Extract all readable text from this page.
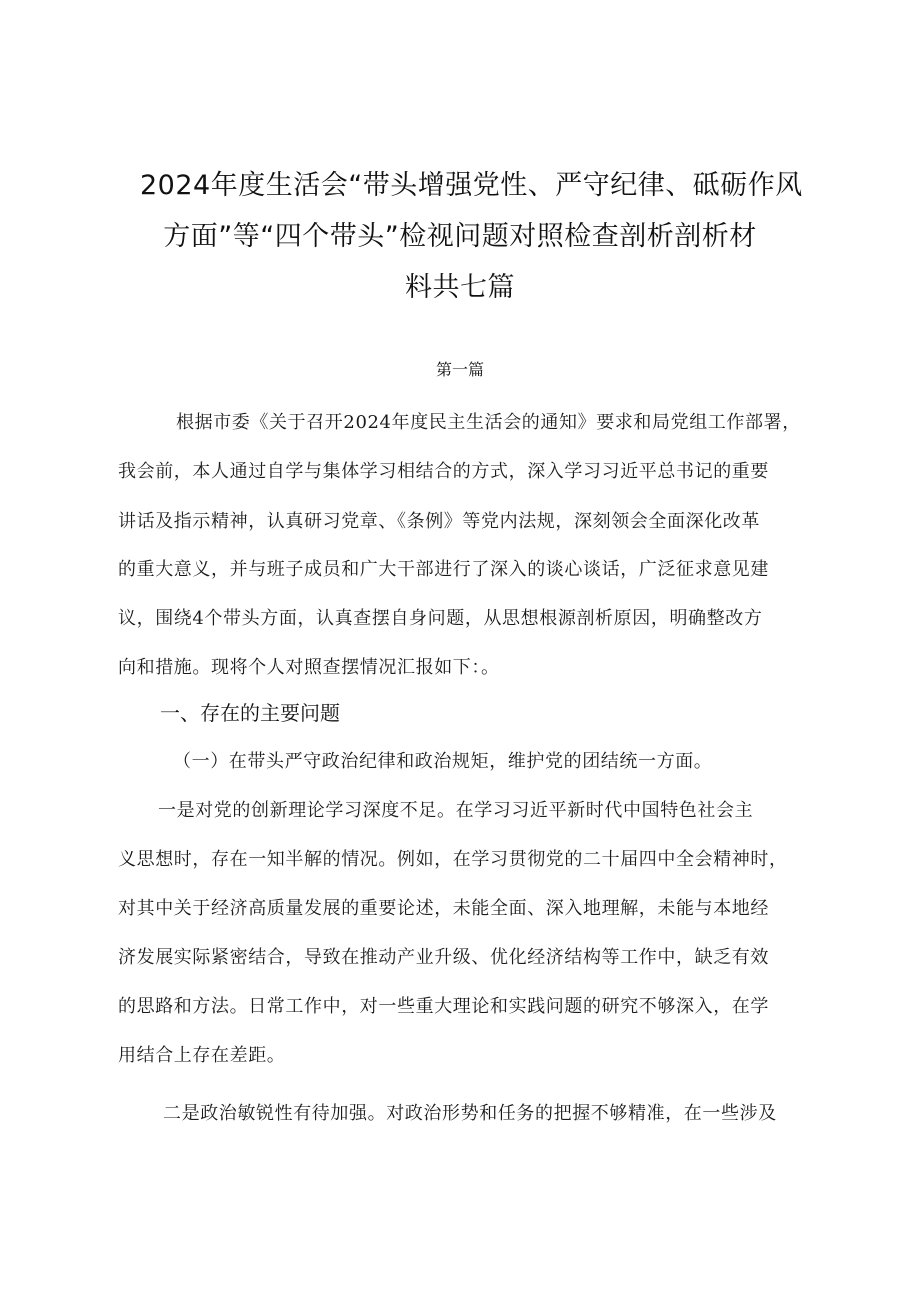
2024年度生活会“带头增强党性、严守纪律、砥砺作风
方面”等“四个带头”检视问题对照检查剖析剖析材
料共七篇
第一篇
根据市委《关于召开2024年度民主生活会的通知》要求和局党组工作部署，
我会前，本人通过自学与集体学习相结合的方式，深入学习习近平总书记的重要
讲话及指示精神，认真研习党章、《条例》等党内法规，深刻领会全面深化改革
的重大意义，并与班子成员和广大干部进行了深入的谈心谈话，广泛征求意见建
议，围绕4个带头方面，认真查摆自身问题，从思想根源剖析原因，明确整改方
向和措施。现将个人对照查摆情况汇报如下：。
一、存在的主要问题
（一）在带头严守政治纪律和政治规矩，维护党的团结统一方面。
一是对党的创新理论学习深度不足。在学习习近平新时代中国特色社会主
义思想时，存在一知半解的情况。例如，在学习贯彻党的二十届四中全会精神时，
对其中关于经济高质量发展的重要论述，未能全面、深入地理解，未能与本地经
济发展实际紧密结合，导致在推动产业升级、优化经济结构等工作中，缺乏有效
的思路和方法。日常工作中，对一些重大理论和实践问题的研究不够深入，在学
用结合上存在差距。
二是政治敏锐性有待加强。对政治形势和任务的把握不够精准，在一些涉及
